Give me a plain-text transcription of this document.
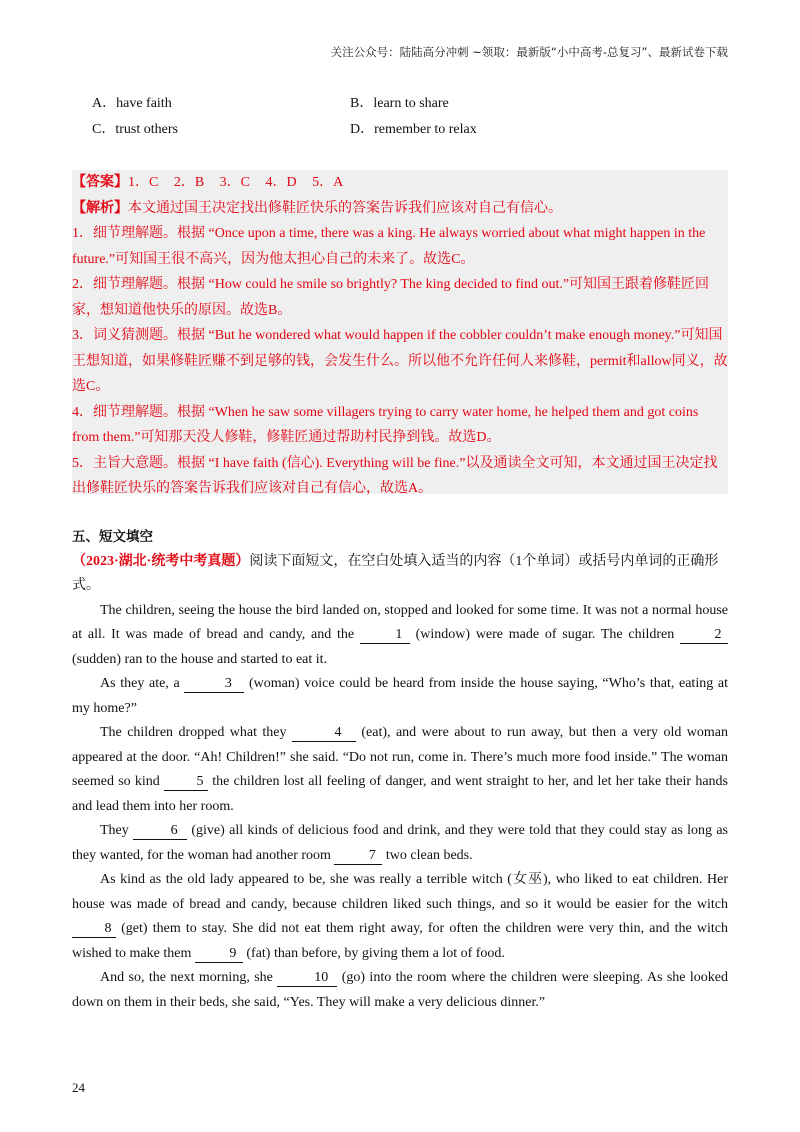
关注公众号：陆陆高分冲刺 ~领取：最新版“小中高考-总复习”、最新试卷下载
A．have faith	B．learn to share
C．trust others	D．remember to relax

【答案】1．C 2．B 3．C 4．D 5．A

【解析】本文通过国王决定找出修鞋匠快乐的答案告诉我们应该对自己有信心。

1．细节理解题。根据 “Once upon a time, there was a king. He always worried about what might happen in the future.”可知国王很不高兴，因为他太担心自己的未来了。故选C。

2．细节理解题。根据 “How could he smile so brightly? The king decided to find out.”可知国王跟着修鞋匠回家，想知道他快乐的原因。故选B。

3．词义猜测题。根据 “But he wondered what would happen if the cobbler couldn’t make enough money.”可知国王想知道，如果修鞋匠赚不到足够的钱，会发生什么。所以他不允许任何人来修鞋，permit和allow同义，故选C。

4．细节理解题。根据 “When he saw some villagers trying to carry water home, he helped them and got coins from them.”可知那天没人修鞋，修鞋匠通过帮助村民挣到钱。故选D。

5．主旨大意题。根据 “I have faith (信心). Everything will be fine.”以及通读全文可知，本文通过国王决定找出修鞋匠快乐的答案告诉我们应该对自己有信心，故选A。

五、短文填空

（2023·湖北·统考中考真题）阅读下面短文，在空白处填入适当的内容（1个单词）或括号内单词的正确形式。

The children, seeing the house the bird landed on, stopped and looked for some time. It was not a normal house at all. It was made of bread and candy, and the	1 (window) were made of sugar. The children 2 (sudden) ran to the house and started to eat it.

As they ate, a	3 (woman) voice could be heard from inside the house saying, “Who’s that, eating at my home?”

The children dropped what they	4 (eat), and were about to run away, but then a very old woman appeared at the door. “Ah! Children!” she said. “Do not run, come in. There’s much more food inside.” The woman seemed so kind 5 the children lost all feeling of danger, and went straight to her, and let her take their hands and lead them into her room.

They	6 (give) all kinds of delicious food and drink, and they were told that they could stay as long as they wanted, for the woman had another room 7 two clean beds.

As kind as the old lady appeared to be, she was really a terrible witch (女巫), who liked to eat children. Her house was made of bread and candy, because children liked such things, and so it would be easier for the witch 8 (get) them to stay. She did not eat them right away, for often the children were very thin, and the witch wished to make them 9 (fat) than before, by giving them a lot of food.

And so, the next morning, she	10 (go) into the room where the children were sleeping. As she looked down on them in their beds, she said, “Yes. They will make a very delicious dinner.”

24
